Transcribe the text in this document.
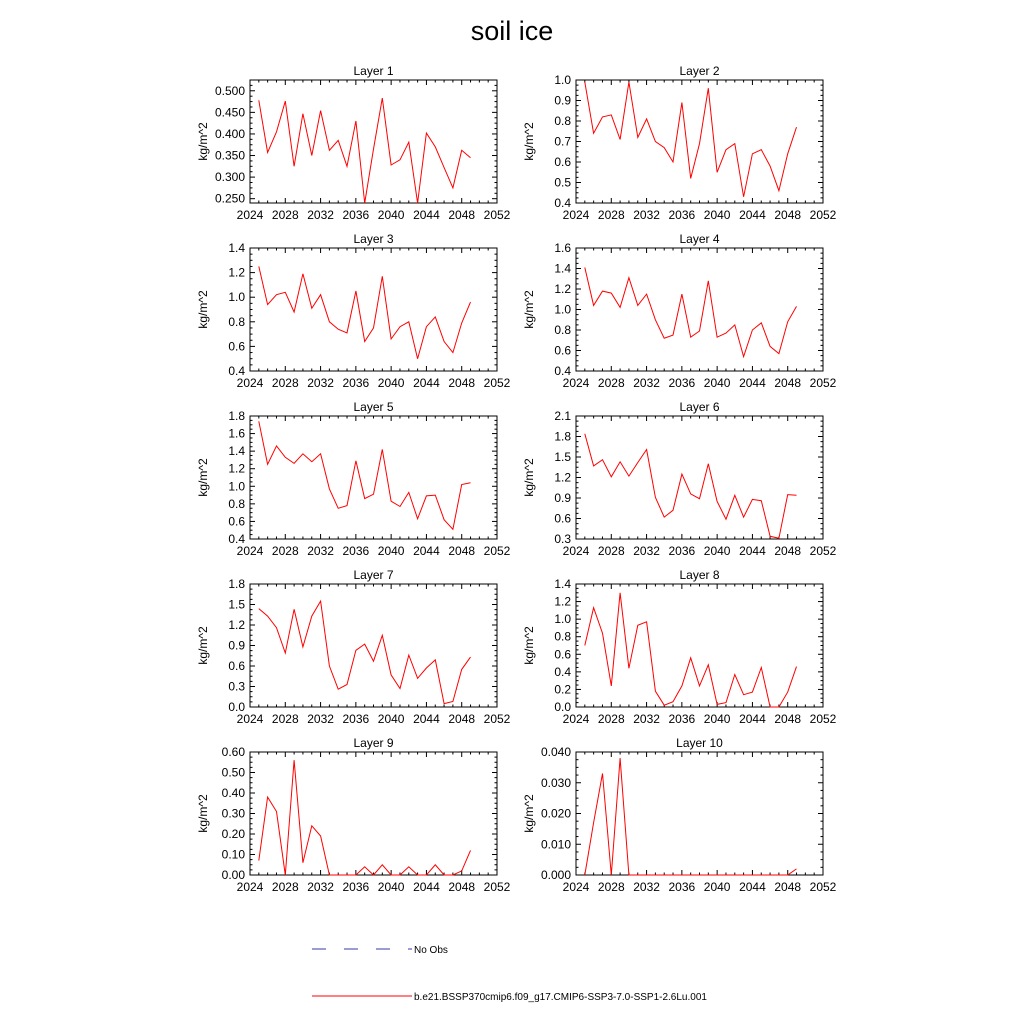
soil ice
Layer 1
2024 2028 2032 2036 2040 2044 2048 2052
0.250
0.300
0.350
0.400
0.450
0.500
kg/m^2
Layer 2
2024 2028 2032 2036 2040 2044 2048 2052
0.4
0.5
0.6
0.7
0.8
0.9
1.0
kg/m^2
Layer 3
2024 2028 2032 2036 2040 2044 2048 2052
0.4
0.6
0.8
1.0
1.2
1.4
kg/m^2
Layer 4
2024 2028 2032 2036 2040 2044 2048 2052
0.4
0.6
0.8
1.0
1.2
1.4
1.6
kg/m^2
Layer 5
2024 2028 2032 2036 2040 2044 2048 2052
0.4
0.6
0.8
1.0
1.2
1.4
1.6
1.8
kg/m^2
Layer 6
2024 2028 2032 2036 2040 2044 2048 2052
0.3
0.6
0.9
1.2
1.5
1.8
2.1
kg/m^2
Layer 7
2024 2028 2032 2036 2040 2044 2048 2052
0.0
0.3
0.6
0.9
1.2
1.5
1.8
kg/m^2
Layer 8
2024 2028 2032 2036 2040 2044 2048 2052
0.0
0.2
0.4
0.6
0.8
1.0
1.2
1.4
kg/m^2
Layer 9
2024 2028 2032 2036 2040 2044 2048 2052
0.00
0.10
0.20
0.30
0.40
0.50
0.60
kg/m^2
Layer 10
2024 2028 2032 2036 2040 2044 2048 2052
0.000
0.010
0.020
0.030
0.040
kg/m^2
No Obs
b.e21.BSSP370cmip6.f09_g17.CMIP6-SSP3-7.0-SSP1-2.6Lu.001
